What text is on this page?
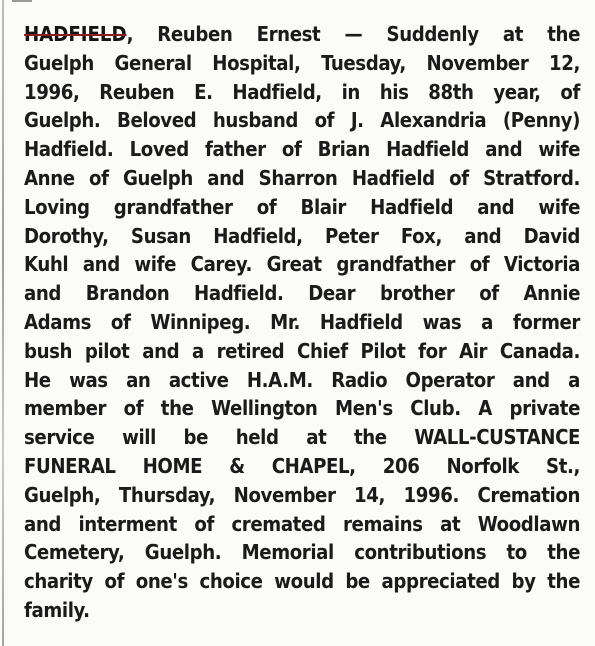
HADFIELD, Reuben Ernest — Suddenly at the
Guelph General Hospital, Tuesday, November 12,
1996, Reuben E. Hadfield, in his 88th year, of
Guelph. Beloved husband of J. Alexandria (Penny)
Hadfield. Loved father of Brian Hadfield and wife
Anne of Guelph and Sharron Hadfield of Stratford.
Loving grandfather of Blair Hadfield and wife
Dorothy, Susan Hadfield, Peter Fox, and David
Kuhl and wife Carey. Great grandfather of Victoria
and Brandon Hadfield. Dear brother of Annie
Adams of Winnipeg. Mr. Hadfield was a former
bush pilot and a retired Chief Pilot for Air Canada.
He was an active H.A.M. Radio Operator and a
member of the Wellington Men's Club. A private
service will be held at the WALL-CUSTANCE
FUNERAL HOME & CHAPEL, 206 Norfolk St.,
Guelph, Thursday, November 14, 1996. Cremation
and interment of cremated remains at Woodlawn
Cemetery, Guelph. Memorial contributions to the
charity of one's choice would be appreciated by the
family.
